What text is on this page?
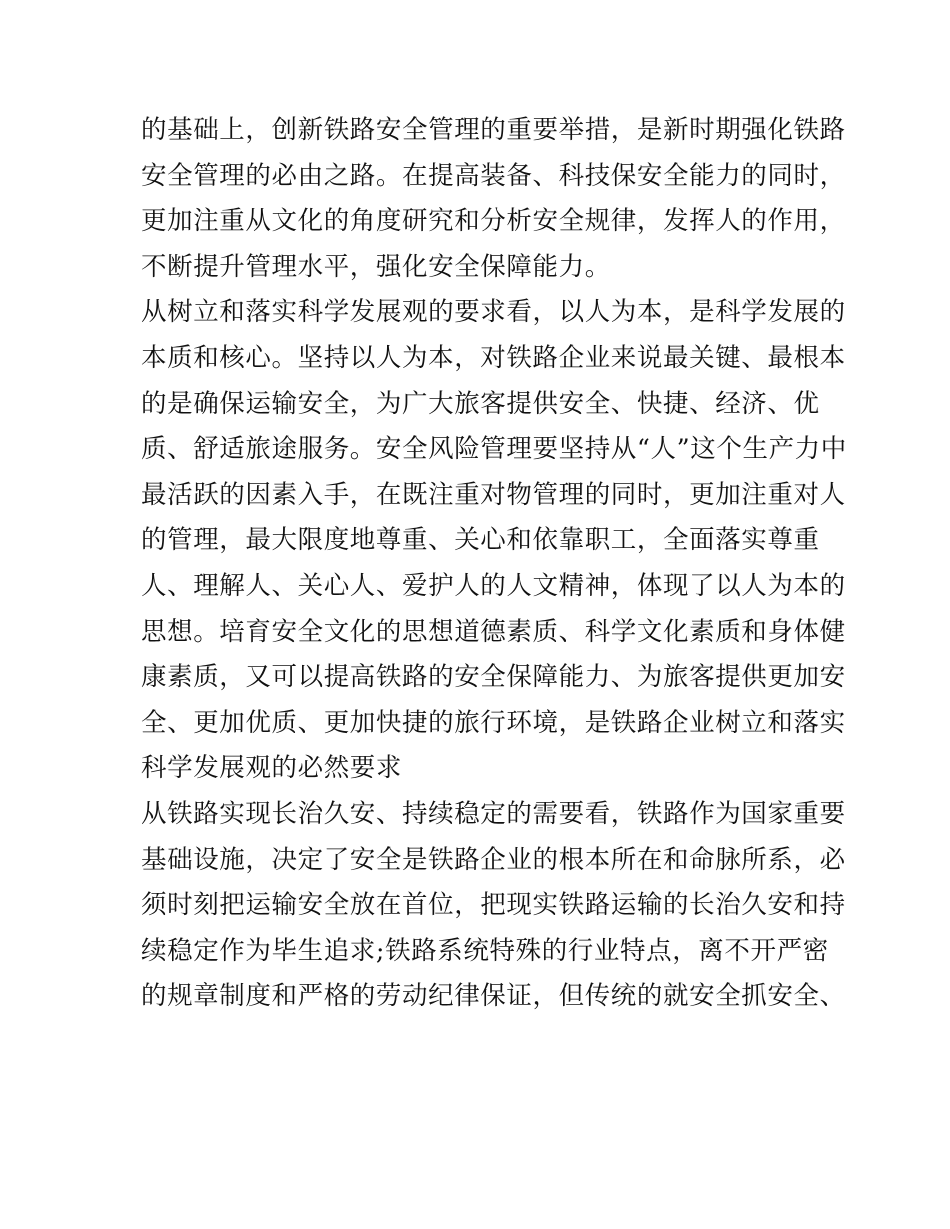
的基础上，创新铁路安全管理的重要举措，是新时期强化铁路
安全管理的必由之路。在提高装备、科技保安全能力的同时，
更加注重从文化的角度研究和分析安全规律，发挥人的作用，
不断提升管理水平，强化安全保障能力。
从树立和落实科学发展观的要求看，以人为本，是科学发展的
本质和核心。坚持以人为本，对铁路企业来说最关键、最根本
的是确保运输安全，为广大旅客提供安全、快捷、经济、优
质、舒适旅途服务。安全风险管理要坚持从“人”这个生产力中
最活跃的因素入手，在既注重对物管理的同时，更加注重对人
的管理，最大限度地尊重、关心和依靠职工，全面落实尊重
人、理解人、关心人、爱护人的人文精神，体现了以人为本的
思想。培育安全文化的思想道德素质、科学文化素质和身体健
康素质，又可以提高铁路的安全保障能力、为旅客提供更加安
全、更加优质、更加快捷的旅行环境，是铁路企业树立和落实
科学发展观的必然要求
从铁路实现长治久安、持续稳定的需要看，铁路作为国家重要
基础设施，决定了安全是铁路企业的根本所在和命脉所系，必
须时刻把运输安全放在首位，把现实铁路运输的长治久安和持
续稳定作为毕生追求;铁路系统特殊的行业特点，离不开严密
的规章制度和严格的劳动纪律保证，但传统的就安全抓安全、
